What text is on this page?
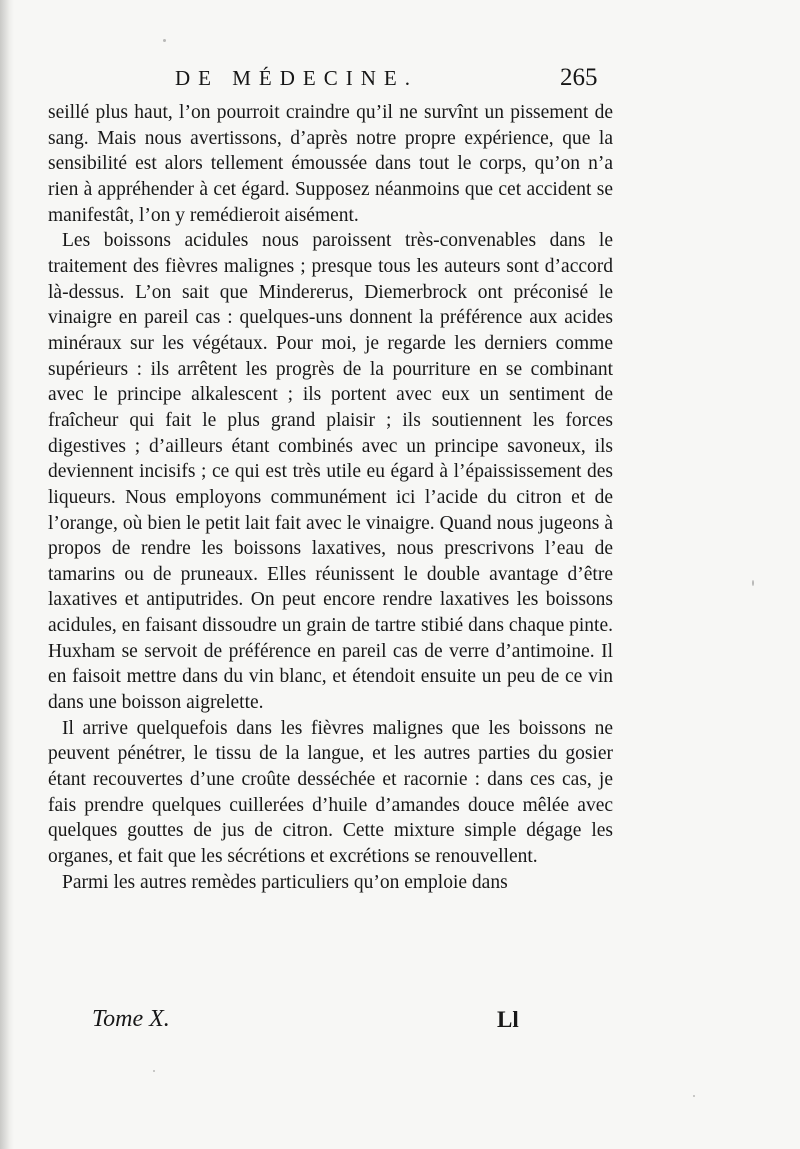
DE MÉDECINE.	265

seillé plus haut, l’on pourroit craindre qu’il ne survînt un pissement de sang. Mais nous avertissons, d’après notre propre expérience, que la sensibilité est alors tellement émoussée dans tout le corps, qu’on n’a rien à appréhender à cet égard. Supposez néanmoins que cet accident se manifestât, l’on y remédieroit aisément.

Les boissons acidules nous paroissent très-convenables dans le traitement des fièvres malignes ; presque tous les auteurs sont d’accord là-dessus. L’on sait que Mindererus, Diemerbrock ont préconisé le vinaigre en pareil cas : quelques-uns donnent la préférence aux acides minéraux sur les végétaux. Pour moi, je regarde les derniers comme supérieurs : ils arrêtent les progrès de la pourriture en se combinant avec le principe alkalescent ; ils portent avec eux un sentiment de fraîcheur qui fait le plus grand plaisir ; ils soutiennent les forces digestives ; d’ailleurs étant combinés avec un principe savoneux, ils deviennent incisifs ; ce qui est très utile eu égard à l’épaississement des liqueurs. Nous employons communément ici l’acide du citron et de l’orange, où bien le petit lait fait avec le vinaigre. Quand nous jugeons à propos de rendre les boissons laxatives, nous prescrivons l’eau de tamarins ou de pruneaux. Elles réunissent le double avantage d’être laxatives et antiputrides. On peut encore rendre laxatives les boissons acidules, en faisant dissoudre un grain de tartre stibié dans chaque pinte. Huxham se servoit de préférence en pareil cas de verre d’antimoine. Il en faisoit mettre dans du vin blanc, et étendoit ensuite un peu de ce vin dans une boisson aigrelette.

Il arrive quelquefois dans les fièvres malignes que les boissons ne peuvent pénétrer, le tissu de la langue, et les autres parties du gosier étant recouvertes d’une croûte desséchée et racornie : dans ces cas, je fais prendre quelques cuillerées d’huile d’amandes douce mêlée avec quelques gouttes de jus de citron. Cette mixture simple dégage les organes, et fait que les sécrétions et excrétions se renouvellent.

Parmi les autres remèdes particuliers qu’on emploie dans

Tome X.	Ll
